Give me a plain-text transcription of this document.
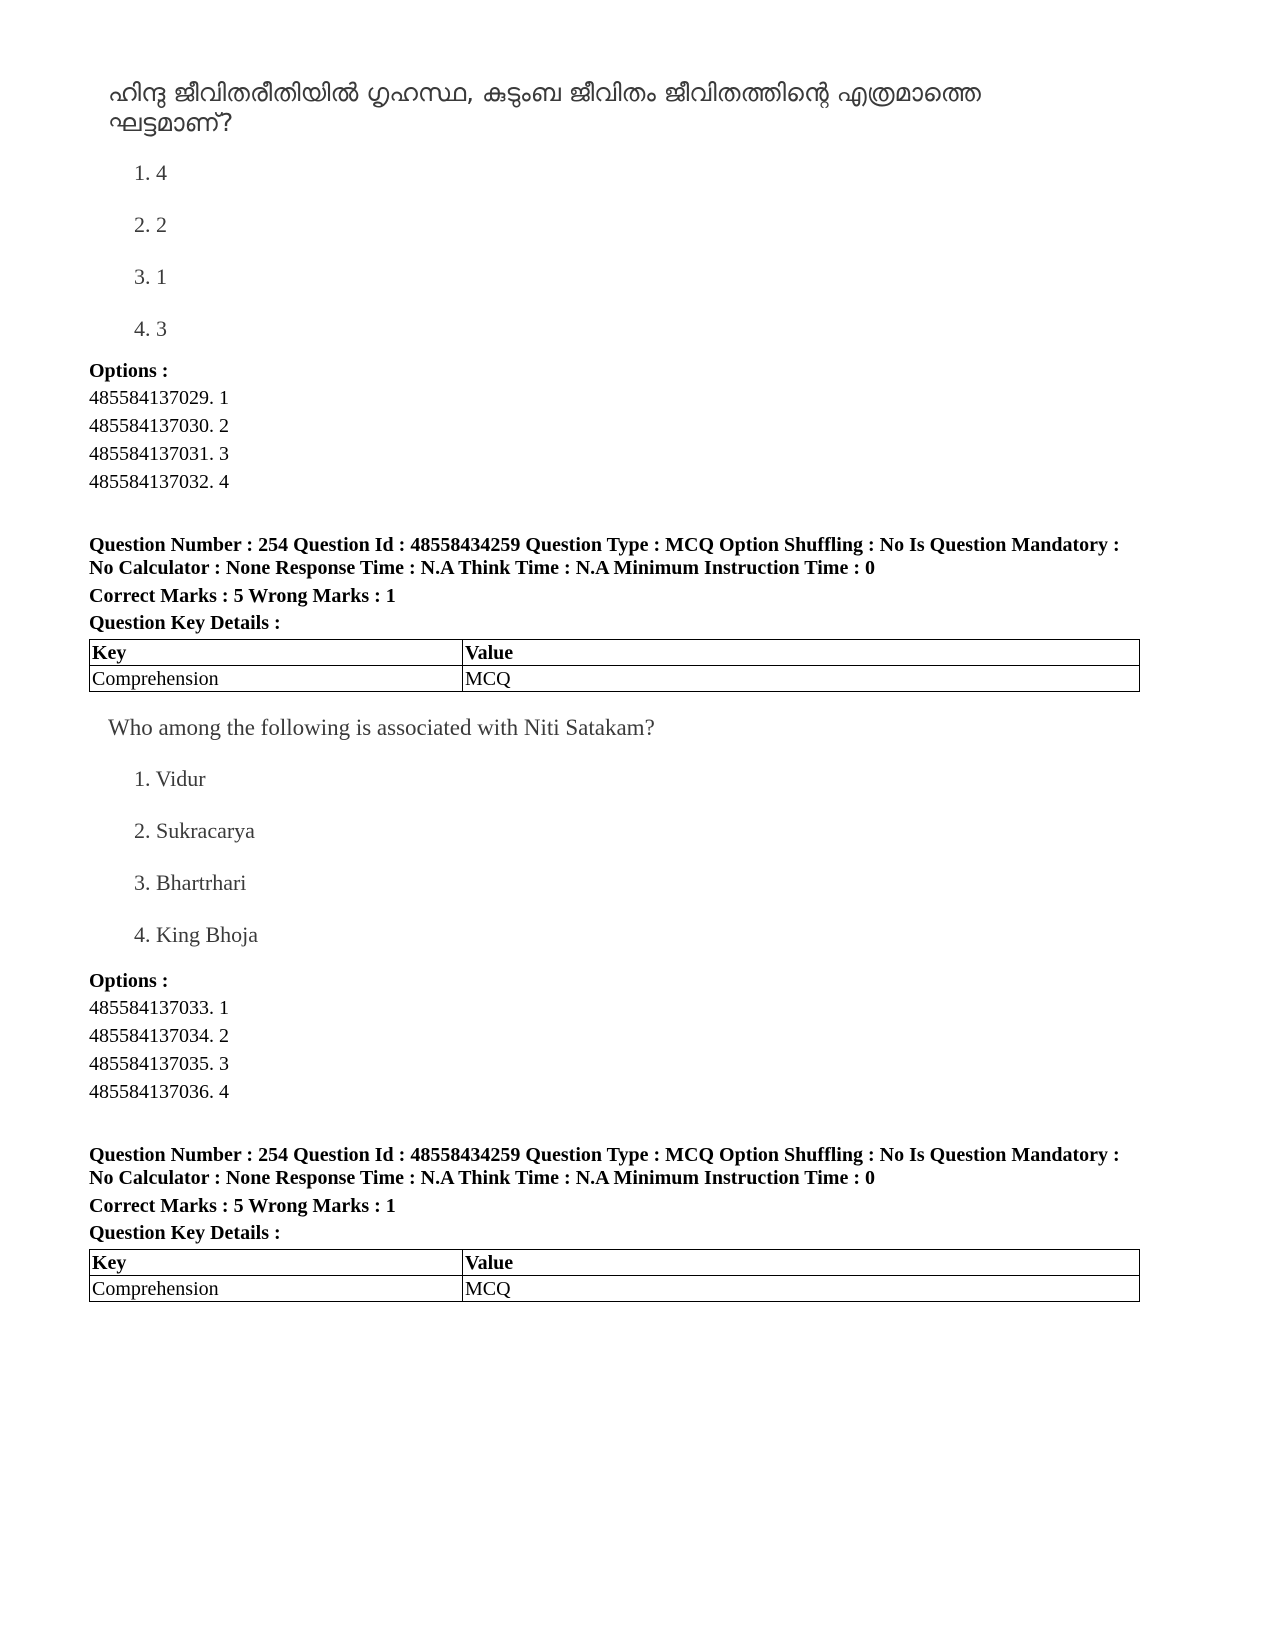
ഹിന്ദു ജീവിതരീതിയിൽ ഗൃഹസ്ഥ, കുടുംബ ജീവിതം ജീവിതത്തിന്റെ എത്രമാത്തെ
ഘട്ടമാണ്?
1. 4
2. 2
3. 1
4. 3
Options :
485584137029. 1
485584137030. 2
485584137031. 3
485584137032. 4
Question Number : 254 Question Id : 48558434259 Question Type : MCQ Option Shuffling : No Is Question Mandatory :
No Calculator : None Response Time : N.A Think Time : N.A Minimum Instruction Time : 0
Correct Marks : 5 Wrong Marks : 1
Question Key Details :
Key	Value
Comprehension	MCQ
Who among the following is associated with Niti Satakam?
1. Vidur
2. Sukracarya
3. Bhartrhari
4. King Bhoja
Options :
485584137033. 1
485584137034. 2
485584137035. 3
485584137036. 4
Question Number : 254 Question Id : 48558434259 Question Type : MCQ Option Shuffling : No Is Question Mandatory :
No Calculator : None Response Time : N.A Think Time : N.A Minimum Instruction Time : 0
Correct Marks : 5 Wrong Marks : 1
Question Key Details :
Key	Value
Comprehension	MCQ
